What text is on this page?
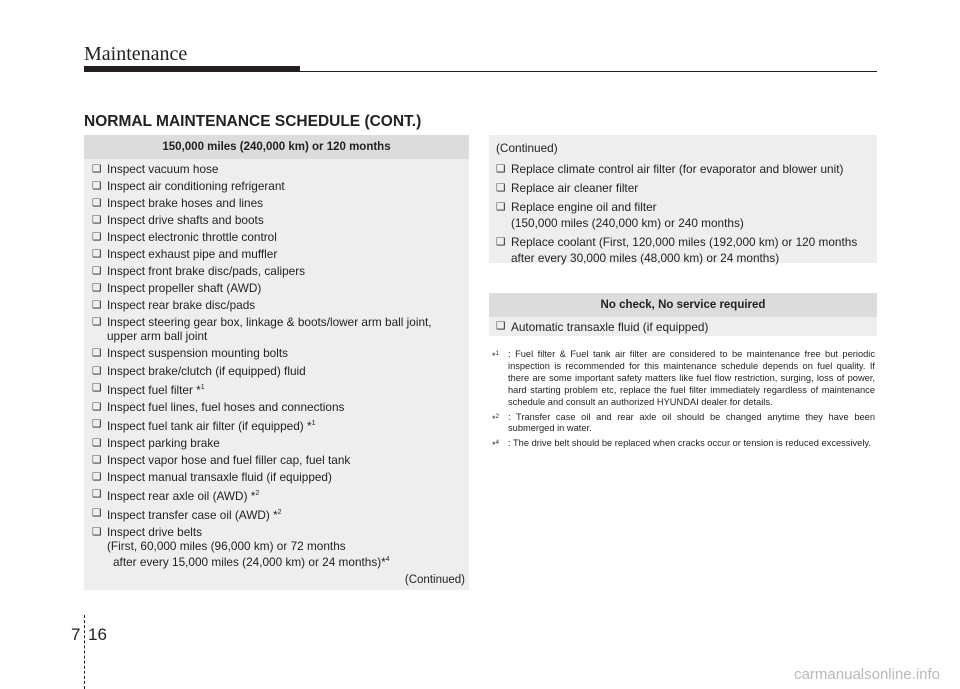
Maintenance
NORMAL MAINTENANCE SCHEDULE (CONT.)
150,000 miles (240,000 km) or 120 months
❑ Inspect vacuum hose
❑ Inspect air conditioning refrigerant
❑ Inspect brake hoses and lines
❑ Inspect drive shafts and boots
❑ Inspect electronic throttle control
❑ Inspect exhaust pipe and muffler
❑ Inspect front brake disc/pads, calipers
❑ Inspect propeller shaft (AWD)
❑ Inspect rear brake disc/pads
❑ Inspect steering gear box, linkage & boots/lower arm ball joint,
upper arm ball joint
❑ Inspect suspension mounting bolts
❑ Inspect brake/clutch (if equipped) fluid
❑ Inspect fuel filter *$^1$
❑ Inspect fuel lines, fuel hoses and connections
❑ Inspect fuel tank air filter (if equipped) *$^1$
❑ Inspect parking brake
❑ Inspect vapor hose and fuel filler cap, fuel tank
❑ Inspect manual transaxle fluid (if equipped)
❑ Inspect rear axle oil (AWD) *$^2$
❑ Inspect transfer case oil (AWD) *$^2$
❑ Inspect drive belts
(First, 60,000 miles (96,000 km) or 72 months
after every 15,000 miles (24,000 km) or 24 months)*$^4$
(Continued)
(Continued)
❑ Replace climate control air filter (for evaporator and blower unit)
❑ Replace air cleaner filter
❑ Replace engine oil and filter
(150,000 miles (240,000 km) or 240 months)
❑ Replace coolant (First, 120,000 miles (192,000 km) or 120 months
after every 30,000 miles (48,000 km) or 24 months)
No check, No service required
❑ Automatic transaxle fluid (if equipped)
*$^1$ : Fuel filter & Fuel tank air filter are considered to be maintenance free but periodic inspection is recommended for this maintenance schedule depends on fuel quality. If there are some important safety matters like fuel flow restriction, surging, loss of power, hard starting problem etc, replace the fuel filter immediately regardless of maintenance schedule and consult an authorized HYUNDAI dealer for details.
*$^2$ : Transfer case oil and rear axle oil should be changed anytime they have been submerged in water.
*$^4$ : The drive belt should be replaced when cracks occur or tension is reduced excessively.
7 16
carmanualsonline.info
